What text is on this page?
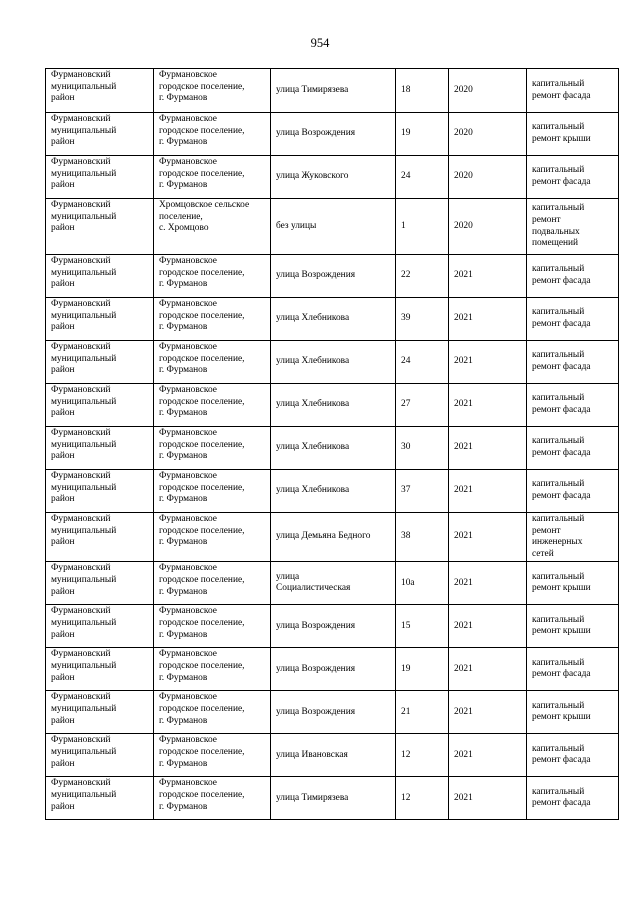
954
Фурмановский
муниципальный
район	Фурмановское
городское поселение,
г. Фурманов	улица Тимирязева	18	2020	капитальный
ремонт фасада
Фурмановский
муниципальный
район	Фурмановское
городское поселение,
г. Фурманов	улица Возрождения	19	2020	капитальный
ремонт крыши
Фурмановский
муниципальный
район	Фурмановское
городское поселение,
г. Фурманов	улица Жуковского	24	2020	капитальный
ремонт фасада
Фурмановский
муниципальный
район	Хромцовское сельское
поселение,
с. Хромцово	без улицы	1	2020	капитальный
ремонт
подвальных
помещений
Фурмановский
муниципальный
район	Фурмановское
городское поселение,
г. Фурманов	улица Возрождения	22	2021	капитальный
ремонт фасада
Фурмановский
муниципальный
район	Фурмановское
городское поселение,
г. Фурманов	улица Хлебникова	39	2021	капитальный
ремонт фасада
Фурмановский
муниципальный
район	Фурмановское
городское поселение,
г. Фурманов	улица Хлебникова	24	2021	капитальный
ремонт фасада
Фурмановский
муниципальный
район	Фурмановское
городское поселение,
г. Фурманов	улица Хлебникова	27	2021	капитальный
ремонт фасада
Фурмановский
муниципальный
район	Фурмановское
городское поселение,
г. Фурманов	улица Хлебникова	30	2021	капитальный
ремонт фасада
Фурмановский
муниципальный
район	Фурмановское
городское поселение,
г. Фурманов	улица Хлебникова	37	2021	капитальный
ремонт фасада
Фурмановский
муниципальный
район	Фурмановское
городское поселение,
г. Фурманов	улица Демьяна Бедного	38	2021	капитальный
ремонт
инженерных
сетей
Фурмановский
муниципальный
район	Фурмановское
городское поселение,
г. Фурманов	улица
Социалистическая	10а	2021	капитальный
ремонт крыши
Фурмановский
муниципальный
район	Фурмановское
городское поселение,
г. Фурманов	улица Возрождения	15	2021	капитальный
ремонт крыши
Фурмановский
муниципальный
район	Фурмановское
городское поселение,
г. Фурманов	улица Возрождения	19	2021	капитальный
ремонт фасада
Фурмановский
муниципальный
район	Фурмановское
городское поселение,
г. Фурманов	улица Возрождения	21	2021	капитальный
ремонт крыши
Фурмановский
муниципальный
район	Фурмановское
городское поселение,
г. Фурманов	улица Ивановская	12	2021	капитальный
ремонт фасада
Фурмановский
муниципальный
район	Фурмановское
городское поселение,
г. Фурманов	улица Тимирязева	12	2021	капитальный
ремонт фасада
